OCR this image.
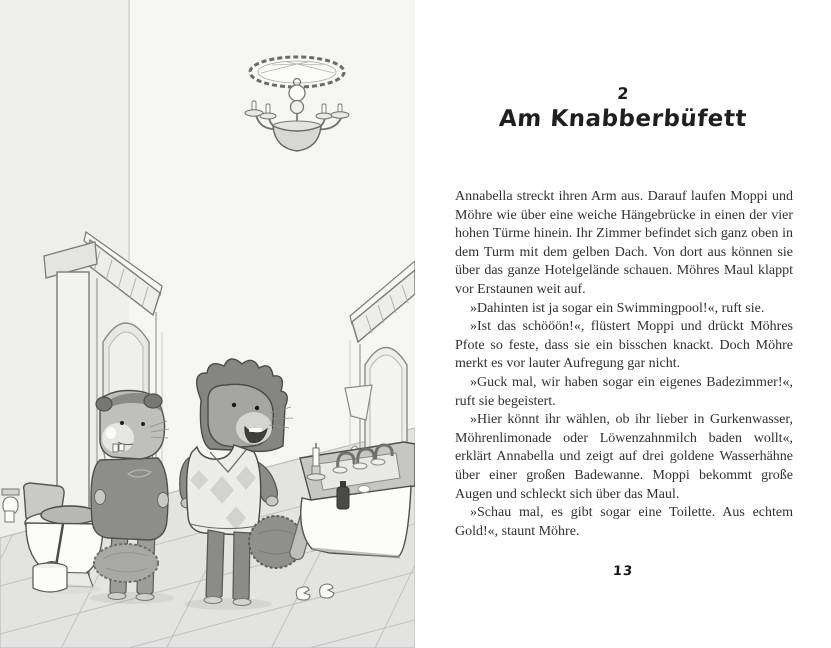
2
Am Knabberbüfett

Annabella streckt ihren Arm aus. Darauf laufen Moppi und Möhre wie über eine weiche Hängebrücke in einen der vier hohen Türme hinein. Ihr Zimmer befindet sich ganz oben in dem Turm mit dem gelben Dach. Von dort aus können sie über das ganze Hotelgelände schauen. Möhres Maul klappt vor Erstaunen weit auf.

»Dahinten ist ja sogar ein Swimmingpool!«, ruft sie.

»Ist das schööön!«, flüstert Moppi und drückt Möhres Pfote so feste, dass sie ein bisschen knackt. Doch Möhre merkt es vor lauter Aufregung gar nicht.

»Guck mal, wir haben sogar ein eigenes Badezimmer!«, ruft sie begeistert.

»Hier könnt ihr wählen, ob ihr lieber in Gurkenwasser, Möhrenlimonade oder Löwenzahnmilch baden wollt«, erklärt Annabella und zeigt auf drei goldene Wasserhähne über einer großen Badewanne. Moppi bekommt große Augen und schleckt sich über das Maul.

»Schau mal, es gibt sogar eine Toilette. Aus echtem Gold!«, staunt Möhre.

13
